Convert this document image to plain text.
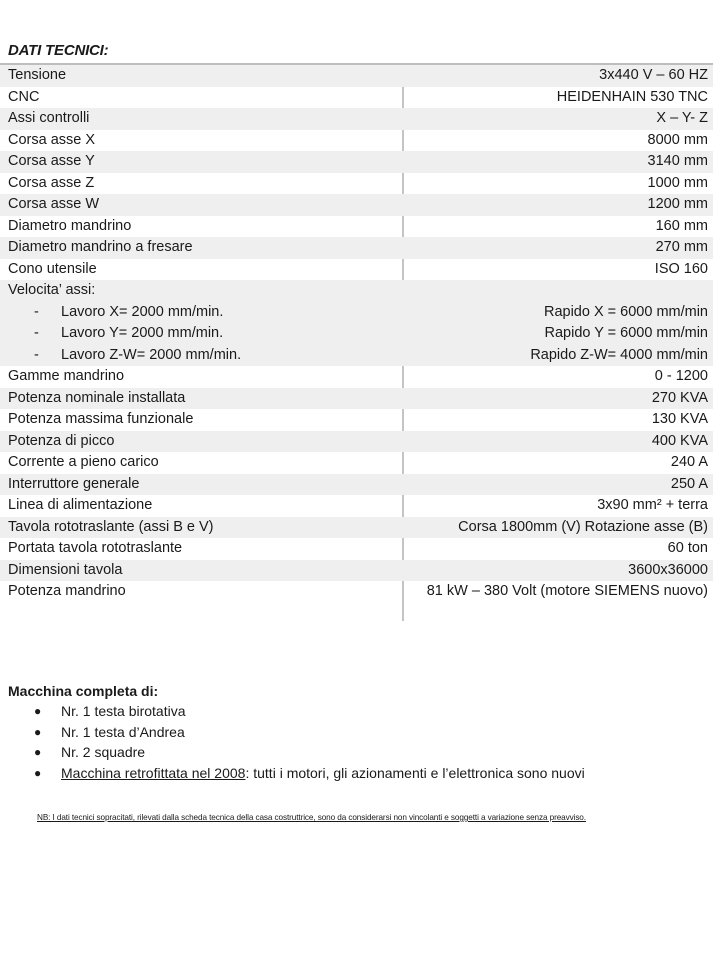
DATI TECNICI:
Tensione	3x440 V – 60 HZ
CNC	HEIDENHAIN 530 TNC
Assi controlli	X – Y- Z
Corsa asse X	8000 mm
Corsa asse Y	3140 mm
Corsa asse Z	1000 mm
Corsa asse W	1200 mm
Diametro mandrino	160 mm
Diametro mandrino a fresare	270 mm
Cono utensile	ISO 160
Velocita’ assi:
-	Lavoro X= 2000 mm/min.	Rapido X = 6000 mm/min
-	Lavoro Y= 2000 mm/min.	Rapido Y = 6000 mm/min
-	Lavoro Z-W= 2000 mm/min.	Rapido Z-W= 4000 mm/min
Gamme mandrino	0 - 1200
Potenza nominale installata	270 KVA
Potenza massima funzionale	130 KVA
Potenza di picco	400 KVA
Corrente a pieno carico	240 A
Interruttore generale	250 A
Linea di alimentazione	3x90 mm² + terra
Tavola rototraslante (assi B e V)	Corsa 1800mm (V) Rotazione asse (B)
Portata tavola rototraslante	60 ton
Dimensioni tavola	3600x36000
Potenza mandrino	81 kW – 380 Volt (motore SIEMENS nuovo)
Macchina completa di:
●	Nr. 1 testa birotativa
●	Nr. 1 testa d’Andrea
●	Nr. 2 squadre
●	Macchina retrofittata nel 2008: tutti i motori, gli azionamenti e l’elettronica sono nuovi
NB: I dati tecnici sopracitati, rilevati dalla scheda tecnica della casa costruttrice, sono da considerarsi non vincolanti e soggetti a variazione senza preavviso.
